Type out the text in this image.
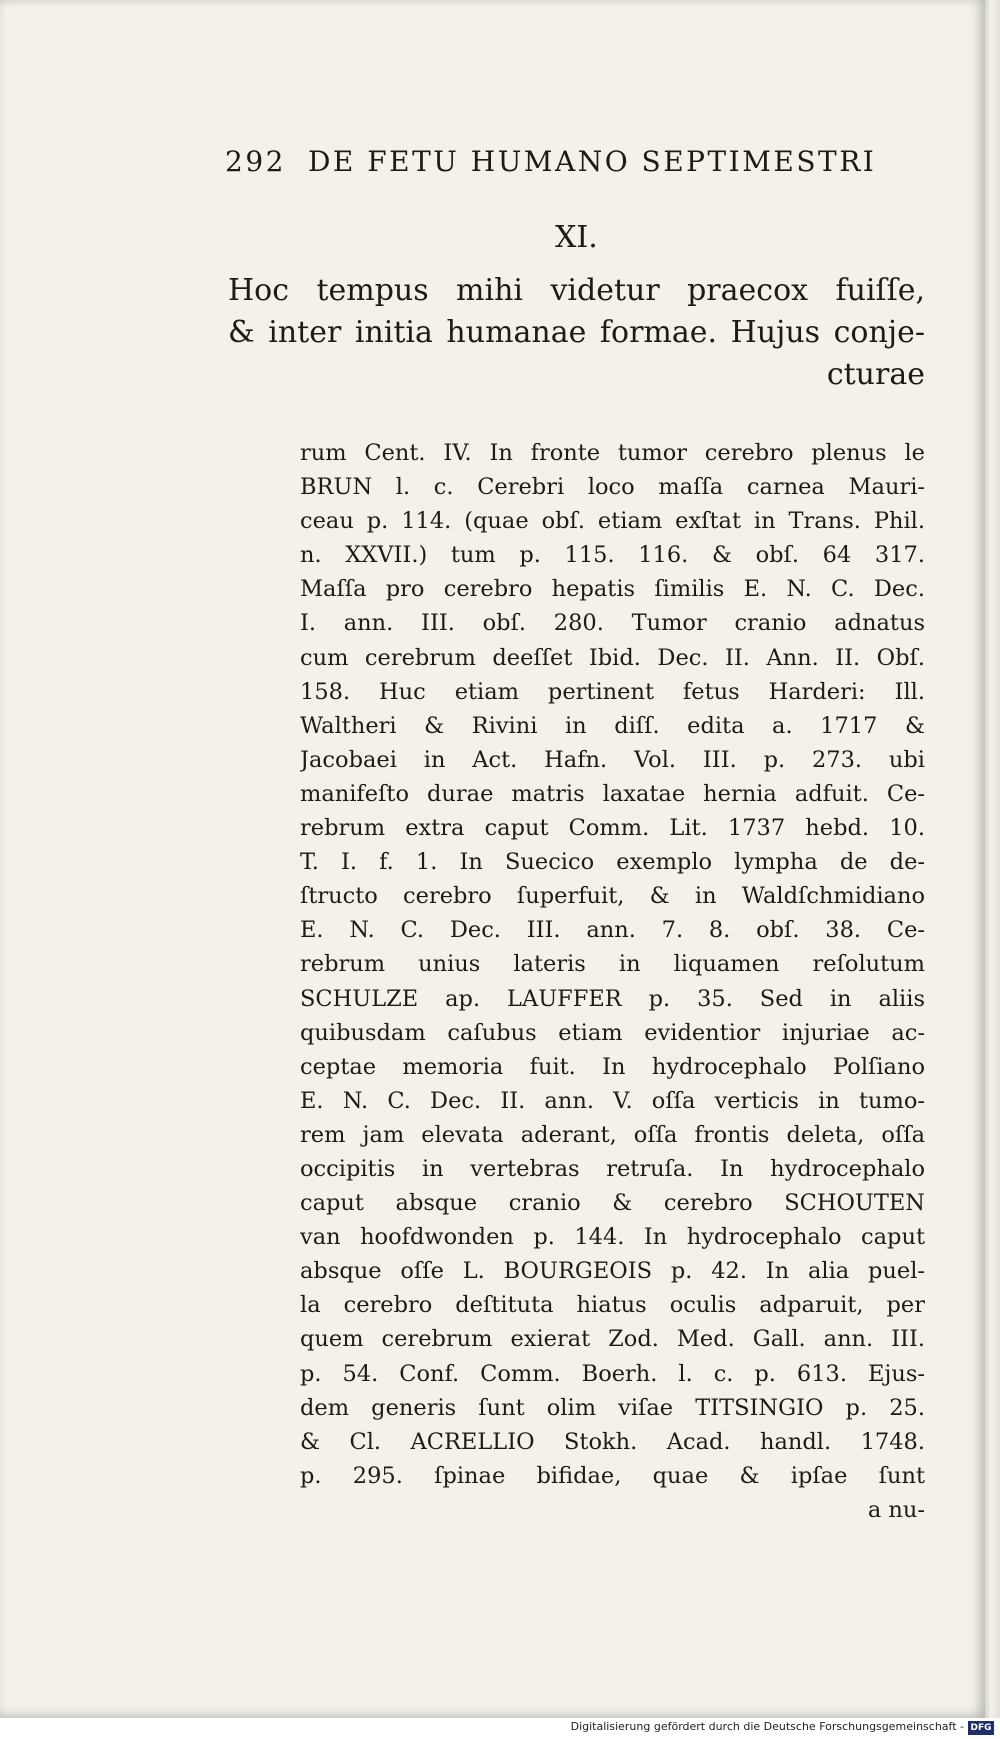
292 DE FETU HUMANO SEPTIMESTRI
XI.
Hoc tempus mihi videtur praecox fuiſſe,
& inter initia humanae formae. Hujus conje-
cturae
rum Cent. IV. In fronte tumor cerebro plenus le
BRUN l. c. Cerebri loco maſſa carnea Mauri-
ceau p. 114. (quae obſ. etiam exſtat in Trans. Phil.
n. XXVII.) tum p. 115. 116. & obſ. 64 317.
Maſſa pro cerebro hepatis ſimilis E. N. C. Dec.
I. ann. III. obſ. 280. Tumor cranio adnatus
cum cerebrum deeſſet Ibid. Dec. II. Ann. II. Obſ.
158. Huc etiam pertinent fetus Harderi: Ill.
Waltheri & Rivini in diſſ. edita a. 1717 &
Jacobaei in Act. Hafn. Vol. III. p. 273. ubi
manifeſto durae matris laxatae hernia adfuit. Ce-
rebrum extra caput Comm. Lit. 1737 hebd. 10.
T. I. f. 1. In Suecico exemplo lympha de de-
ſtructo cerebro ſuperfuit, & in Waldſchmidiano
E. N. C. Dec. III. ann. 7. 8. obſ. 38. Ce-
rebrum unius lateris in liquamen reſolutum
SCHULZE ap. LAUFFER p. 35. Sed in aliis
quibusdam caſubus etiam evidentior injuriae ac-
ceptae memoria fuit. In hydrocephalo Polſiano
E. N. C. Dec. II. ann. V. oſſa verticis in tumo-
rem jam elevata aderant, oſſa frontis deleta, oſſa
occipitis in vertebras retruſa. In hydrocephalo
caput absque cranio & cerebro SCHOUTEN
van hoofdwonden p. 144. In hydrocephalo caput
absque oſſe L. BOURGEOIS p. 42. In alia puel-
la cerebro deſtituta hiatus oculis adparuit, per
quem cerebrum exierat Zod. Med. Gall. ann. III.
p. 54. Conf. Comm. Boerh. l. c. p. 613. Ejus-
dem generis ſunt olim viſae TITSINGIO p. 25.
& Cl. ACRELLIO Stokh. Acad. handl. 1748.
p. 295. ſpinae bifidae, quae & ipſae ſunt
a nu-
Digitalisierung gefördert durch die Deutsche Forschungsgemeinschaft - DFG
